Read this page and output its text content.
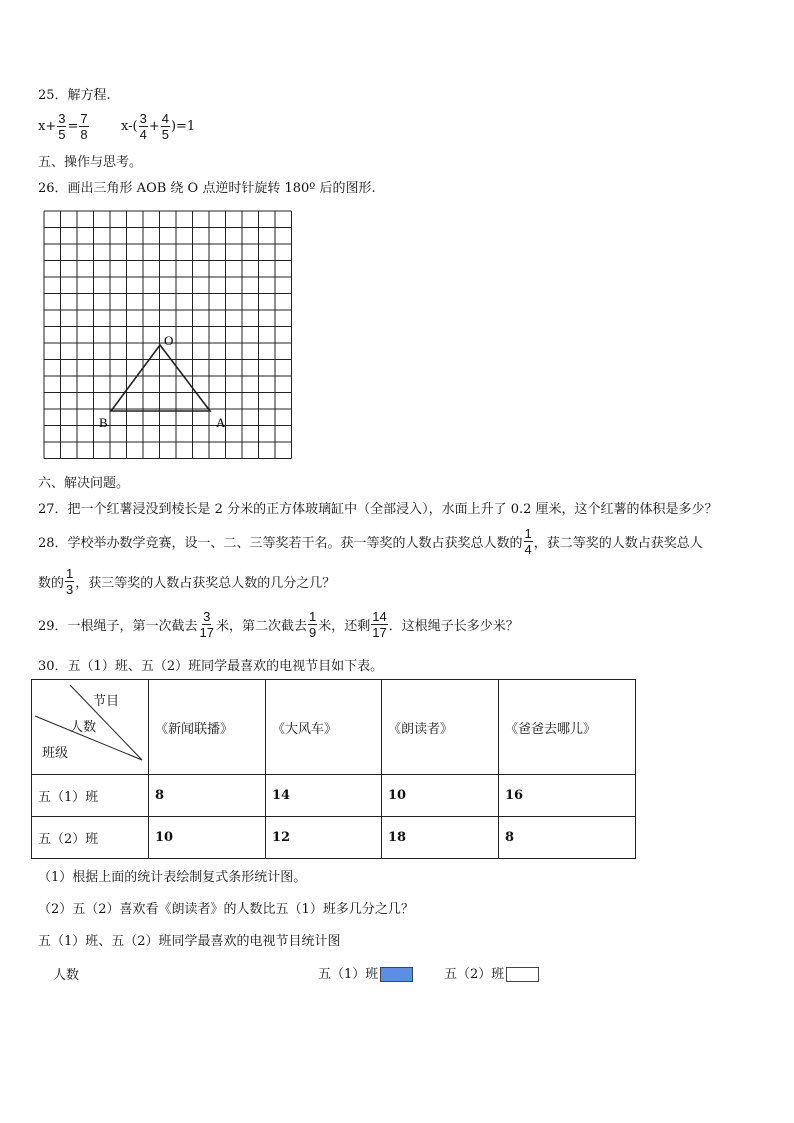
25．解方程.
$x+ \frac{3}{5} = \frac{7}{8} x-( \frac{3}{4} + \frac{4}{5} )=1$
五、操作与思考。
26．画出三角形 AOB 绕 O 点逆时针旋转 180º 后的图形.
O
B	A
六、解决问题。
27．把一个红薯浸没到棱长是 2 分米的正方体玻璃缸中（全部浸入），水面上升了 0.2 厘米，这个红薯的体积是多少？
28．学校举办数学竞赛，设一、二、三等奖若干名。获一等奖的人数占获奖总人数的 $\frac{1}{4}$ ，获二等奖的人数占获奖总人
数的 $\frac{1}{3}$ ，获三等奖的人数占获奖总人数的几分之几？
29．一根绳子，第一次截去 $\frac{3}{17}$ 米，第二次截去 $\frac{1}{9}$ 米，还剩 $\frac{14}{17}$ ．这根绳子长多少米？
30．五（1）班、五（2）班同学最喜欢的电视节目如下表。
节目
人数
班级	《新闻联播》	《大风车》	《朗读者》	《爸爸去哪儿》
五（1）班	8	14	10	16
五（2）班	10	12	18	8
（1）根据上面的统计表绘制复式条形统计图。
（2）五（2）喜欢看《朗读者》的人数比五（1）班多几分之几？
五（1）班、五（2）班同学最喜欢的电视节目统计图
人数	五（1）班	五（2）班
